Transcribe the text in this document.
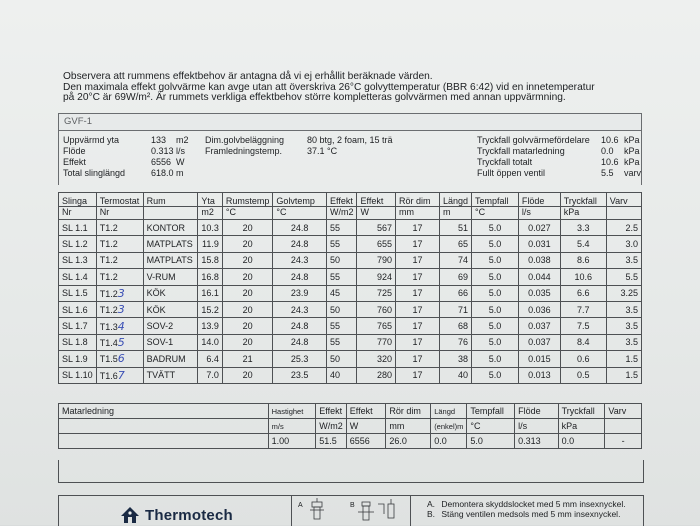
Observera att rummens effektbehov är antagna då vi ej erhållit beräknade värden.
Den maximala effekt golvvärme kan avge utan att överskriva 26°C golvyttemperatur (BBR 6:42) vid en innetemperatur
på 20°C är 69W/m². Är rummets verkliga effektbehov större kompletteras golvvärmen med annan uppvärmning.
GVF-1
Uppvärmd yta	133 m2
Flöde	0.313 l/s
Effekt	6556 W
Total slinglängd	618.0 m
Dim.golvbeläggning	80 btg, 2 foam, 15 trä
Framledningstemp.	37.1 °C
Tryckfall golvvärmefördelare 10.6 kPa
Tryckfall matarledning	0.0 kPa
Tryckfall totalt	10.6 kPa
Fullt öppen ventil	5.5 varv
Slinga	Termostat	Rum	Yta	Rumstemp	Golvtemp	Effekt	Effekt	Rör dim	Längd	Tempfall	Flöde	Tryckfall	Varv
Nr	Nr		m2	°C	°C	W/m2	W	mm	m	°C	l/s	kPa	
SL 1.1	T1.2	KONTOR	10.3	20	24.8	55	567	17	51	5.0	0.027	3.3	2.5
SL 1.2	T1.2	MATPLATS	11.9	20	24.8	55	655	17	65	5.0	0.031	5.4	3.0
SL 1.3	T1.2	MATPLATS	15.8	20	24.3	50	790	17	74	5.0	0.038	8.6	3.5
SL 1.4	T1.2	V-RUM	16.8	20	24.8	55	924	17	69	5.0	0.044	10.6	5.5
SL 1.5	T1.23	KÖK	16.1	20	23.9	45	725	17	66	5.0	0.035	6.6	3.25
SL 1.6	T1.23	KÖK	15.2	20	24.3	50	760	17	71	5.0	0.036	7.7	3.5
SL 1.7	T1.34	SOV-2	13.9	20	24.8	55	765	17	68	5.0	0.037	7.5	3.5
SL 1.8	T1.45	SOV-1	14.0	20	24.8	55	770	17	76	5.0	0.037	8.4	3.5
SL 1.9	T1.56	BADRUM	6.4	21	25.3	50	320	17	38	5.0	0.015	0.6	1.5
SL 1.10	T1.67	TVÄTT	7.0	20	23.5	40	280	17	40	5.0	0.013	0.5	1.5
Matarledning	Hastighet	Effekt	Effekt	Rör dim	Längd	Tempfall	Flöde	Tryckfall	Varv
	m/s	W/m2	W	mm	(enkel)m	°C	l/s	kPa	
	1.00	51.5	6556	26.0	0.0	5.0	0.313	0.0	-
Thermotech
A	B	A. Demontera skyddslocket med 5 mm insexnyckel.
B. Stäng ventilen medsols med 5 mm insexnyckel.
